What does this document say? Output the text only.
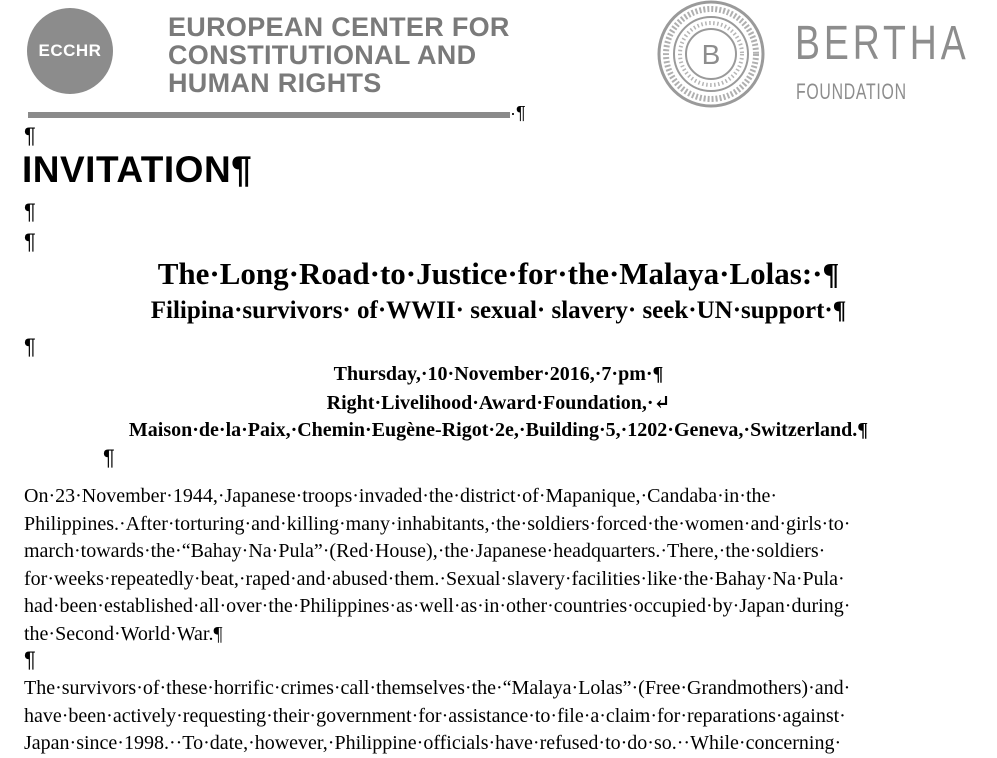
ECCHR
EUROPEAN CENTER FOR
CONSTITUTIONAL AND
HUMAN RIGHTS
·¶
B BERTHA
FOUNDATION
¶
INVITATION¶
¶
¶
The·Long·Road·to·Justice·for·the·Malaya·Lolas:·¶
Filipina·survivors· of·WWII· sexual· slavery· seek·UN·support·¶
¶
Thursday,·10·November·2016,·7·pm·¶
Right·Livelihood·Award·Foundation,·↵
Maison·de·la·Paix,·Chemin·Eugène-Rigot·2e,·Building·5,·1202·Geneva,·Switzerland.¶
¶
On·23·November·1944,·Japanese·troops·invaded·the·district·of·Mapanique,·Candaba·in·the·
Philippines.·After·torturing·and·killing·many·inhabitants,·the·soldiers·forced·the·women·and·girls·to·
march·towards·the·“Bahay·Na·Pula”·(Red·House),·the·Japanese·headquarters.·There,·the·soldiers·
for·weeks·repeatedly·beat,·raped·and·abused·them.·Sexual·slavery·facilities·like·the·Bahay·Na·Pula·
had·been·established·all·over·the·Philippines·as·well·as·in·other·countries·occupied·by·Japan·during·
the·Second·World·War.¶
¶
The·survivors·of·these·horrific·crimes·call·themselves·the·“Malaya·Lolas”·(Free·Grandmothers)·and·
have·been·actively·requesting·their·government·for·assistance·to·file·a·claim·for·reparations·against·
Japan·since·1998.··To·date,·however,·Philippine·officials·have·refused·to·do·so.··While·concerning·
